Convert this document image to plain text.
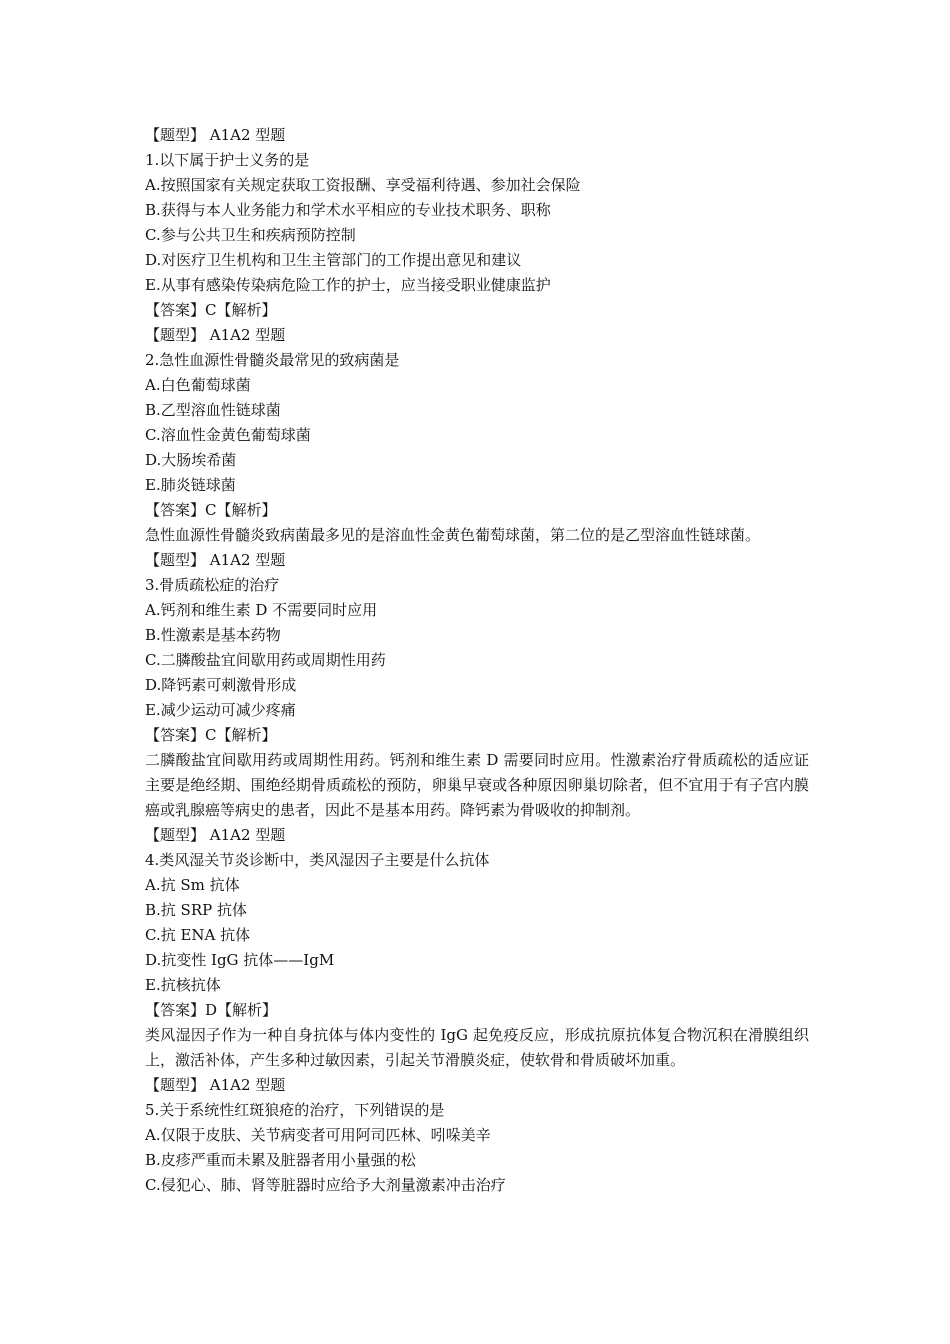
【题型】 A1A2 型题
1.以下属于护士义务的是
A.按照国家有关规定获取工资报酬、享受福利待遇、参加社会保险
B.获得与本人业务能力和学术水平相应的专业技术职务、职称
C.参与公共卫生和疾病预防控制
D.对医疗卫生机构和卫生主管部门的工作提出意见和建议
E.从事有感染传染病危险工作的护士，应当接受职业健康监护
【答案】C【解析】
【题型】 A1A2 型题
2.急性血源性骨髓炎最常见的致病菌是
A.白色葡萄球菌
B.乙型溶血性链球菌
C.溶血性金黄色葡萄球菌
D.大肠埃希菌
E.肺炎链球菌
【答案】C【解析】
急性血源性骨髓炎致病菌最多见的是溶血性金黄色葡萄球菌，第二位的是乙型溶血性链球菌。
【题型】 A1A2 型题
3.骨质疏松症的治疗
A.钙剂和维生素 D 不需要同时应用
B.性激素是基本药物
C.二膦酸盐宜间歇用药或周期性用药
D.降钙素可刺激骨形成
E.减少运动可减少疼痛
【答案】C【解析】
二膦酸盐宜间歇用药或周期性用药。钙剂和维生素 D 需要同时应用。性激素治疗骨质疏松的适应证主要是绝经期、围绝经期骨质疏松的预防，卵巢早衰或各种原因卵巢切除者，但不宜用于有子宫内膜癌或乳腺癌等病史的患者，因此不是基本用药。降钙素为骨吸收的抑制剂。
【题型】 A1A2 型题
4.类风湿关节炎诊断中，类风湿因子主要是什么抗体
A.抗 Sm 抗体
B.抗 SRP 抗体
C.抗 ENA 抗体
D.抗变性 IgG 抗体——IgM
E.抗核抗体
【答案】D【解析】
类风湿因子作为一种自身抗体与体内变性的 IgG 起免疫反应，形成抗原抗体复合物沉积在滑膜组织上，激活补体，产生多种过敏因素，引起关节滑膜炎症，使软骨和骨质破坏加重。
【题型】 A1A2 型题
5.关于系统性红斑狼疮的治疗，下列错误的是
A.仅限于皮肤、关节病变者可用阿司匹林、吲哚美辛
B.皮疹严重而未累及脏器者用小量强的松
C.侵犯心、肺、肾等脏器时应给予大剂量激素冲击治疗
